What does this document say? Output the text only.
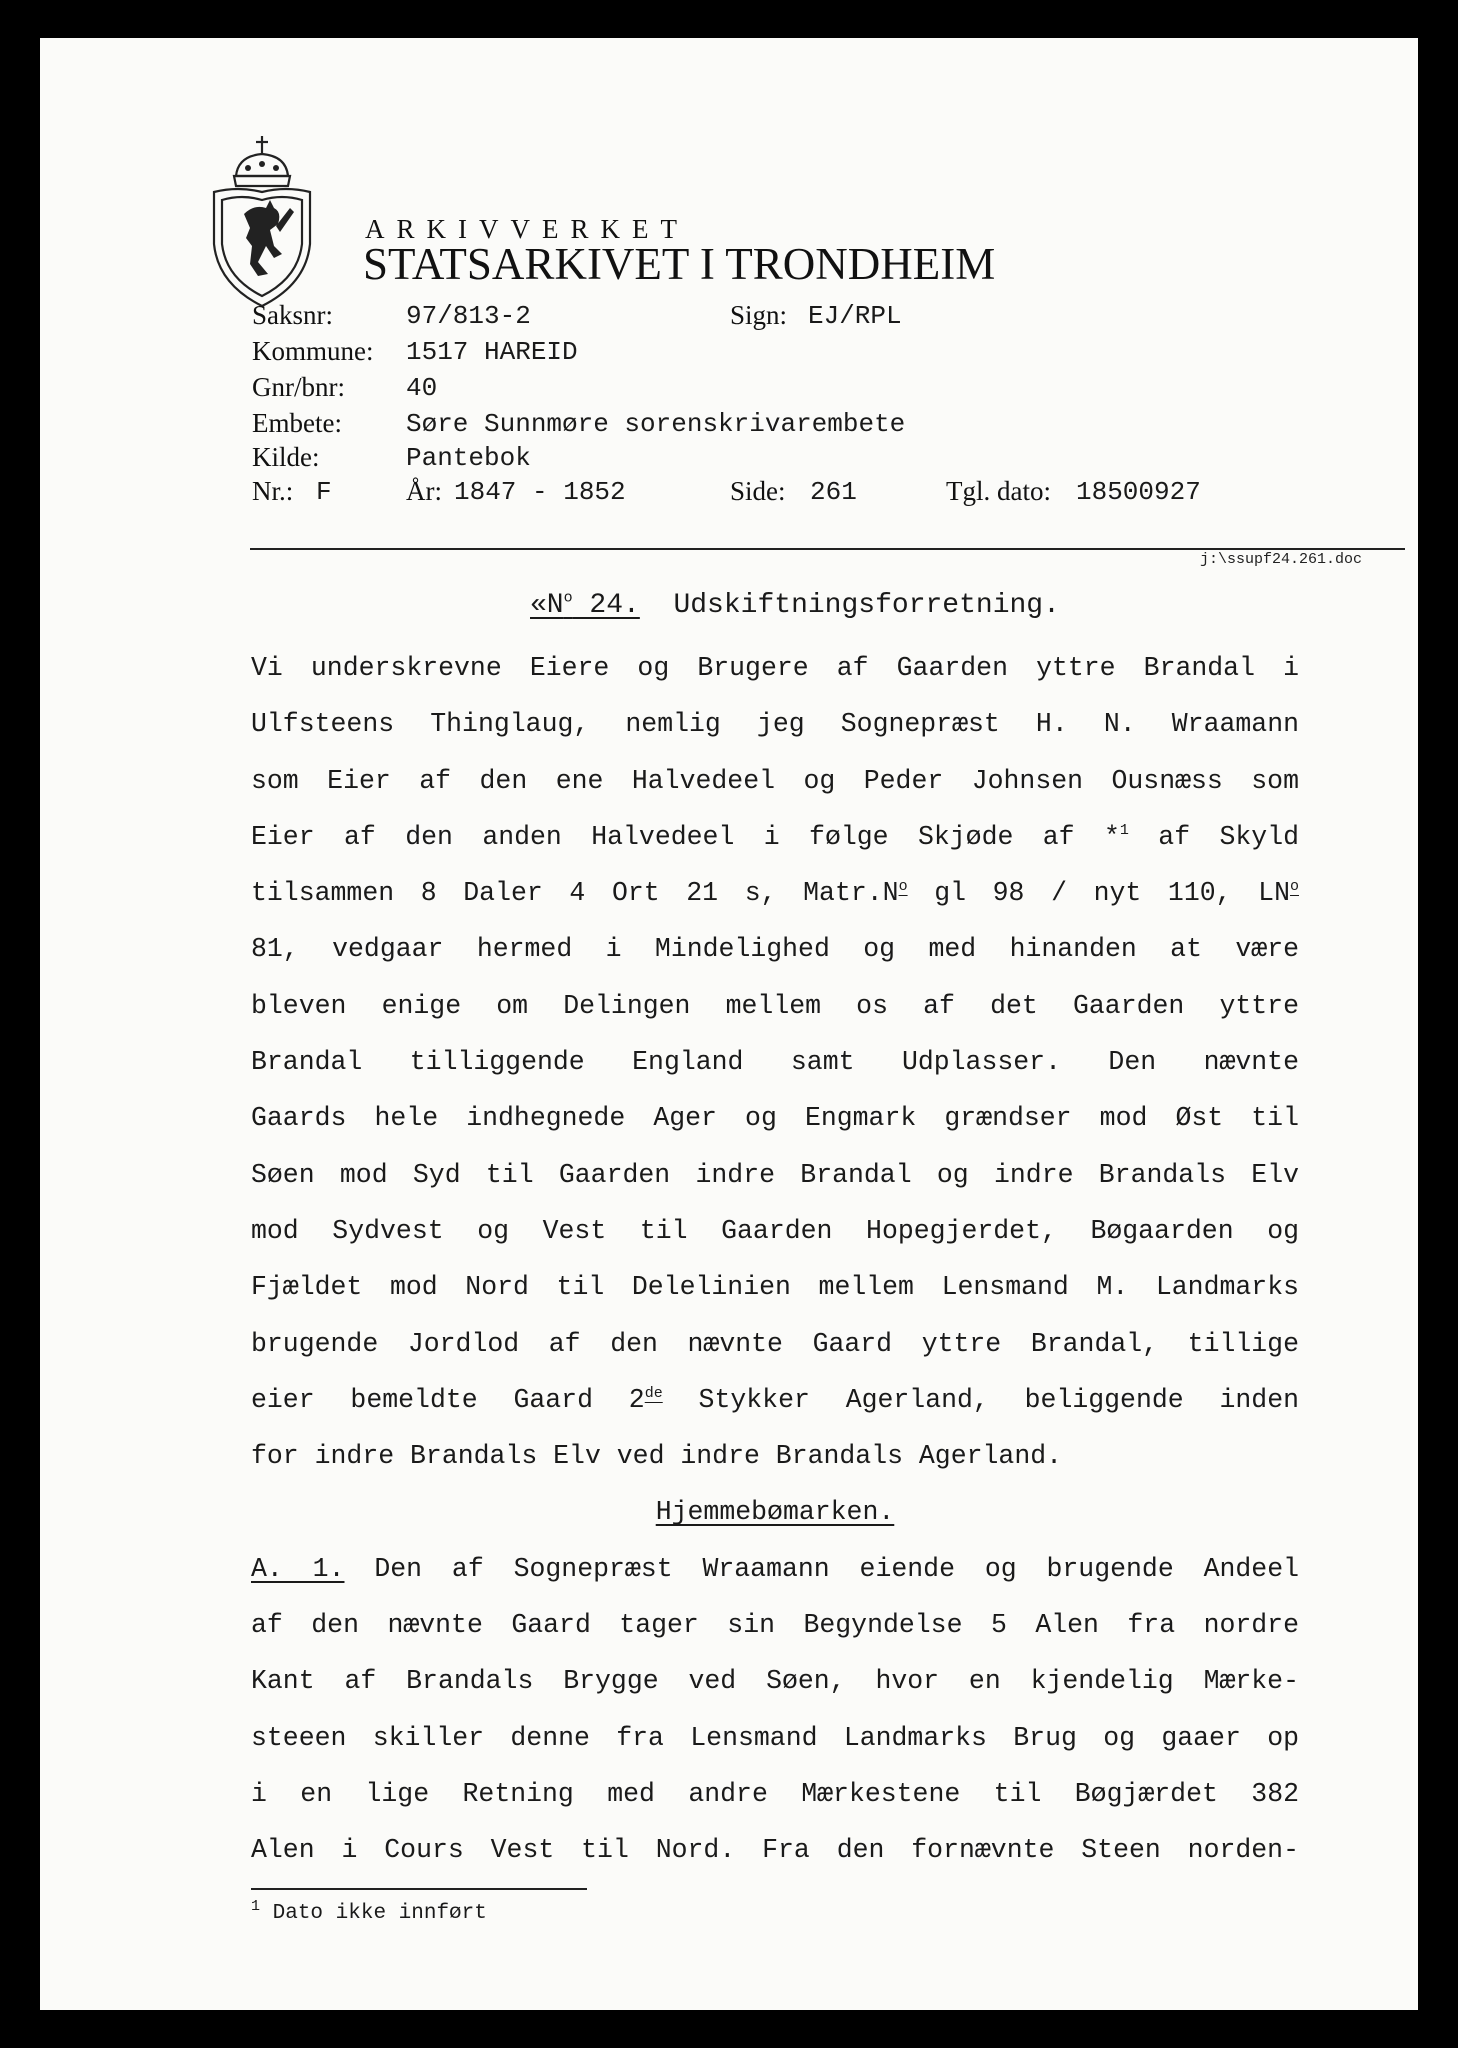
ARKIVVERKET
STATSARKIVET I TRONDHEIM
Saksnr:	97/813-2	Sign: EJ/RPL
Kommune: 1517 HAREID
Gnr/bnr: 40
Embete: Søre Sunnmøre sorenskrivarembete
Kilde:	Pantebok
Nr.: F	År: 1847 - 1852	Side: 261	Tgl. dato: 18500927
j:\ssupf24.261.doc
«$N^o$ 24. Udskiftningsforretning.
Vi underskrevne Eiere og Brugere af Gaarden yttre Brandal i
Ulfsteens Thinglaug, nemlig jeg Sognepræst H. N. Wraamann
som Eier af den ene Halvedeel og Peder Johnsen Ousnæss som
Eier af den anden Halvedeel i følge Skjøde af *$^1$ af Skyld
tilsammen 8 Daler 4 Ort 21 s, $Matr.N^o$ gl 98 / nyt 110, $LN^o$
81, vedgaar hermed i Mindelighed og med hinanden at være
bleven enige om Delingen mellem os af det Gaarden yttre
Brandal tilliggende England samt Udplasser. Den nævnte
Gaards hele indhegnede Ager og Engmark grændser mod Øst til
Søen mod Syd til Gaarden indre Brandal og indre Brandals Elv
mod Sydvest og Vest til Gaarden Hopegjerdet, Bøgaarden og
Fjældet mod Nord til Delelinien mellem Lensmand M. Landmarks
brugende Jordlod af den nævnte Gaard yttre Brandal, tillige
eier bemeldte Gaard 2de Stykker Agerland, beliggende inden
for indre Brandals Elv ved indre Brandals Agerland.
Hjemmebømarken.
A. 1. Den af Sognepræst Wraamann eiende og brugende Andeel
af den nævnte Gaard tager sin Begyndelse 5 Alen fra nordre
Kant af Brandals Brygge ved Søen, hvor en kjendelig Mærke-
steeen skiller denne fra Lensmand Landmarks Brug og gaaer op
i en lige Retning med andre Mærkestene til Bøgjærdet 382
Alen i Cours Vest til Nord. Fra den fornævnte Steen norden-
$^1$ Dato ikke innført
